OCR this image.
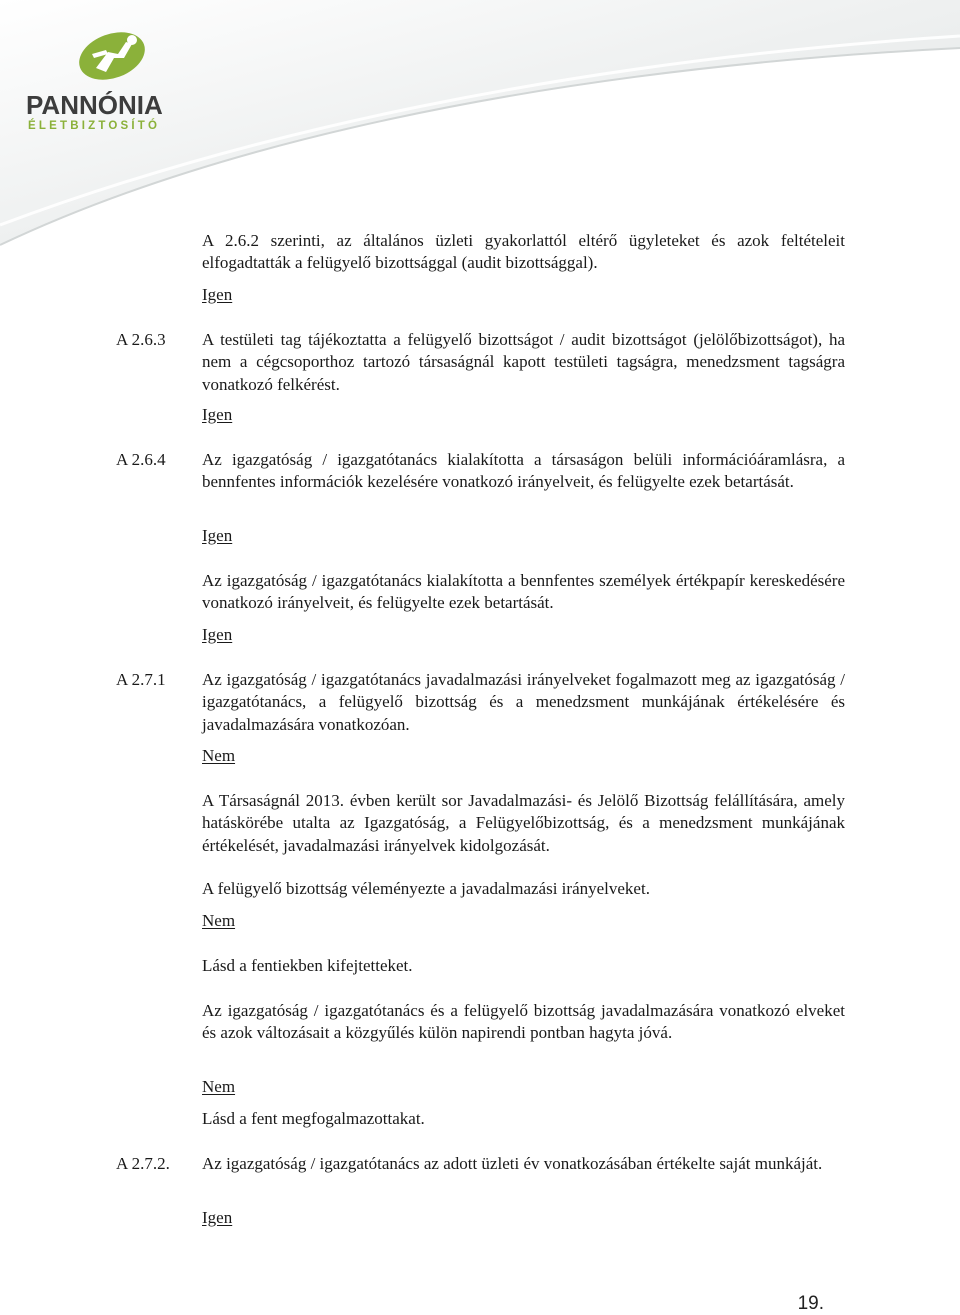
PANNÓNIA
ÉLETBIZTOSÍTÓ
A 2.6.2 szerinti, az általános üzleti gyakorlattól eltérő ügyleteket és azok feltételeit elfogadtatták a felügyelő bizottsággal (audit bizottsággal).
Igen
A 2.6.3 A testületi tag tájékoztatta a felügyelő bizottságot / audit bizottságot (jelölőbizottságot), ha nem a cégcsoporthoz tartozó társaságnál kapott testületi tagságra, menedzsment tagságra vonatkozó felkérést.
Igen
A 2.6.4 Az igazgatóság / igazgatótanács kialakította a társaságon belüli információáramlásra, a bennfentes információk kezelésére vonatkozó irányelveit, és felügyelte ezek betartását.
Igen
Az igazgatóság / igazgatótanács kialakította a bennfentes személyek értékpapír kereskedésére vonatkozó irányelveit, és felügyelte ezek betartását.
Igen
A 2.7.1 Az igazgatóság / igazgatótanács javadalmazási irányelveket fogalmazott meg az igazgatóság / igazgatótanács, a felügyelő bizottság és a menedzsment munkájának értékelésére és javadalmazására vonatkozóan.
Nem
A Társaságnál 2013. évben került sor Javadalmazási- és Jelölő Bizottság felállítására, amely hatáskörébe utalta az Igazgatóság, a Felügyelőbizottság, és a menedzsment munkájának értékelését, javadalmazási irányelvek kidolgozását.
A felügyelő bizottság véleményezte a javadalmazási irányelveket.
Nem
Lásd a fentiekben kifejtetteket.
Az igazgatóság / igazgatótanács és a felügyelő bizottság javadalmazására vonatkozó elveket és azok változásait a közgyűlés külön napirendi pontban hagyta jóvá.
Nem
Lásd a fent megfogalmazottakat.
A 2.7.2. Az igazgatóság / igazgatótanács az adott üzleti év vonatkozásában értékelte saját munkáját.
Igen
19.
